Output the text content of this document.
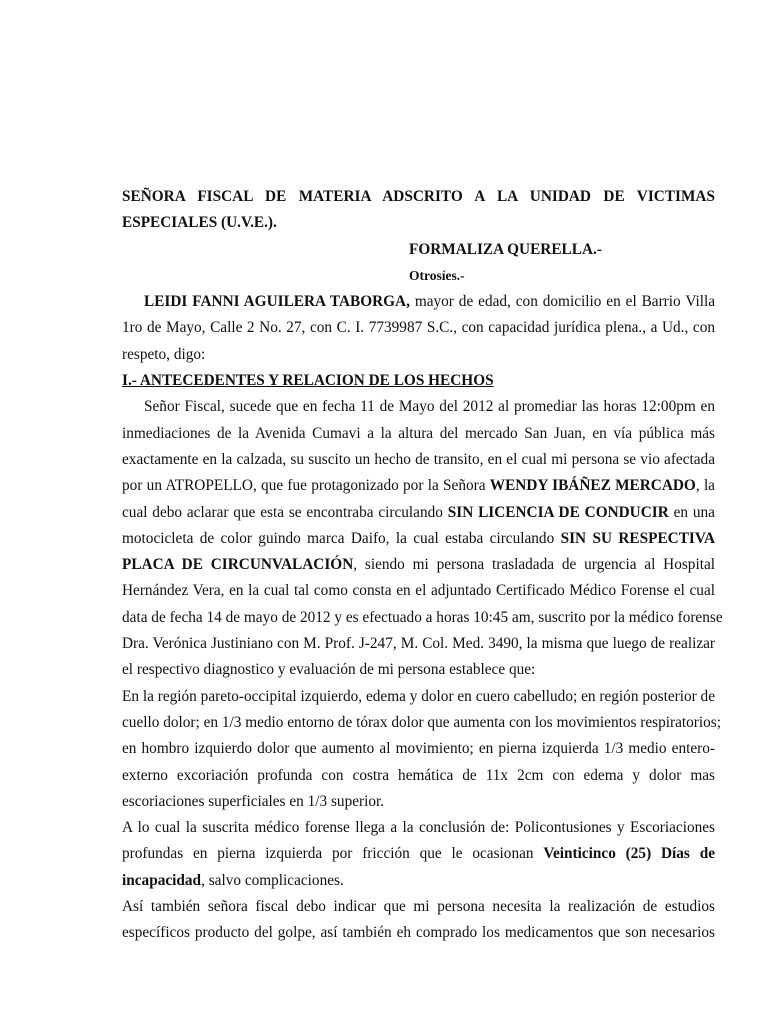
SEÑORA FISCAL DE MATERIA ADSCRITO A LA UNIDAD DE VICTIMAS
ESPECIALES (U.V.E.).
FORMALIZA QUERELLA.-
Otrosíes.-
LEIDI FANNI AGUILERA TABORGA, mayor de edad, con domicilio en el Barrio Villa
1ro de Mayo, Calle 2 No. 27, con C. I. 7739987 S.C., con capacidad jurídica plena., a Ud., con
respeto, digo:
I.- ANTECEDENTES Y RELACION DE LOS HECHOS
Señor Fiscal, sucede que en fecha 11 de Mayo del 2012 al promediar las horas 12:00pm en
inmediaciones de la Avenida Cumavi a la altura del mercado San Juan, en vía pública más
exactamente en la calzada, su suscito un hecho de transito, en el cual mi persona se vio afectada
por un ATROPELLO, que fue protagonizado por la Señora WENDY IBÁÑEZ MERCADO, la
cual debo aclarar que esta se encontraba circulando SIN LICENCIA DE CONDUCIR en una
motocicleta de color guindo marca Daifo, la cual estaba circulando SIN SU RESPECTIVA
PLACA DE CIRCUNVALACIÓN, siendo mi persona trasladada de urgencia al Hospital
Hernández Vera, en la cual tal como consta en el adjuntado Certificado Médico Forense el cual
data de fecha 14 de mayo de 2012 y es efectuado a horas 10:45 am, suscrito por la médico forense
Dra. Verónica Justiniano con M. Prof. J-247, M. Col. Med. 3490, la misma que luego de realizar
el respectivo diagnostico y evaluación de mi persona establece que:
En la región pareto-occipital izquierdo, edema y dolor en cuero cabelludo; en región posterior de
cuello dolor; en 1/3 medio entorno de tórax dolor que aumenta con los movimientos respiratorios;
en hombro izquierdo dolor que aumento al movimiento; en pierna izquierda 1/3 medio entero-
externo excoriación profunda con costra hemática de 11x 2cm con edema y dolor mas
escoriaciones superficiales en 1/3 superior.
A lo cual la suscrita médico forense llega a la conclusión de: Policontusiones y Escoriaciones
profundas en pierna izquierda por fricción que le ocasionan Veinticinco (25) Días de
incapacidad, salvo complicaciones.
Así también señora fiscal debo indicar que mi persona necesita la realización de estudios
específicos producto del golpe, así también eh comprado los medicamentos que son necesarios
